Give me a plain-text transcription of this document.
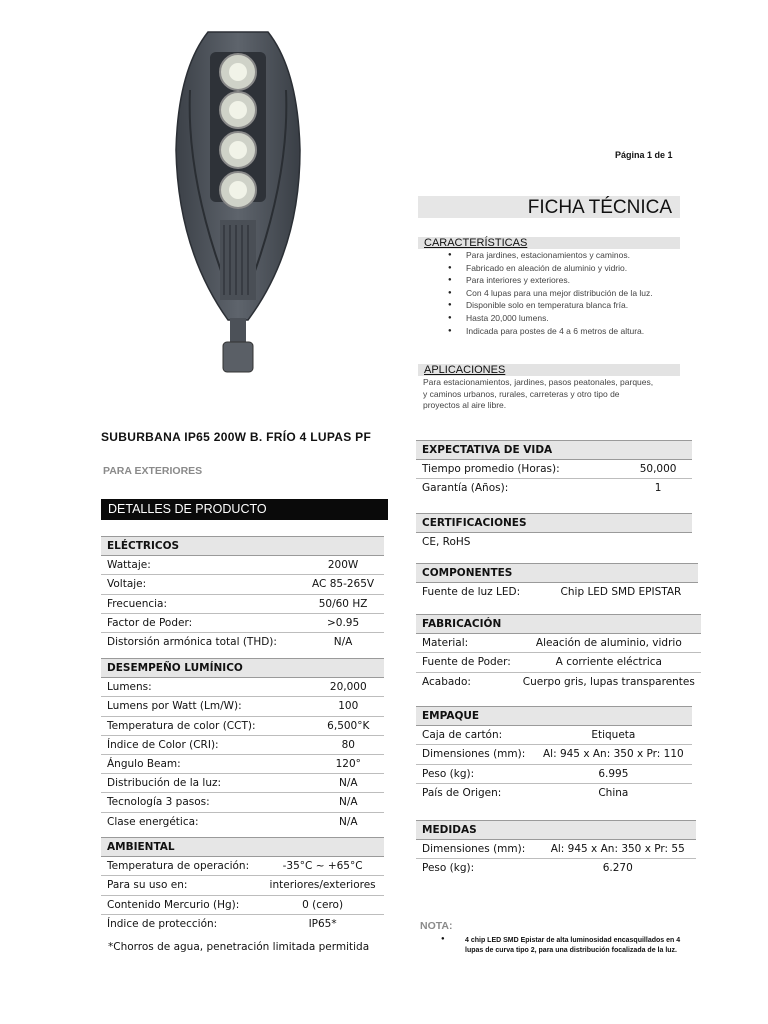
Página 1 de 1
FICHA TÉCNICA
CARACTERÍSTICAS
● Para jardines, estacionamientos y caminos.
● Fabricado en aleación de aluminio y vidrio.
● Para interiores y exteriores.
● Con 4 lupas para una mejor distribución de la luz.
● Disponible solo en temperatura blanca fría.
● Hasta 20,000 lumens.
● Indicada para postes de 4 a 6 metros de altura.
APLICACIONES
Para estacionamientos, jardines, pasos peatonales, parques,
y caminos urbanos, rurales, carreteras y otro tipo de
proyectos al aire libre.
SUBURBANA IP65 200W B. FRÍO 4 LUPAS PF
PARA EXTERIORES
DETALLES DE PRODUCTO
ELÉCTRICOS	
Wattaje:	200W
Voltaje:	AC 85-265V
Frecuencia:	50/60 HZ
Factor de Poder:	>0.95
Distorsión armónica total (THD):	N/A
DESEMPEÑO LUMÍNICO	
Lumens:	20,000
Lumens por Watt (Lm/W):	100
Temperatura de color (CCT):	6,500°K
Índice de Color (CRI):	80
Ángulo Beam:	120°
Distribución de la luz:	N/A
Tecnología 3 pasos:	N/A
Clase energética:	N/A
AMBIENTAL	
Temperatura de operación:	-35°C ~ +65°C
Para su uso en:	interiores/exteriores
Contenido Mercurio (Hg):	0 (cero)
Índice de protección:	IP65*
*Chorros de agua, penetración limitada permitida
EXPECTATIVA DE VIDA	
Tiempo promedio (Horas):	50,000
Garantía (Años):	1
CERTIFICACIONES
CE, RoHS
COMPONENTES
Fuente de luz LED:	Chip LED SMD EPISTAR
FABRICACIÓN	
Material:	Aleación de aluminio, vidrio
Fuente de Poder:	A corriente eléctrica
Acabado:	Cuerpo gris, lupas transparentes
EMPAQUE	
Caja de cartón:	Etiqueta
Dimensiones (mm):	Al: 945 x An: 350 x Pr: 110
Peso (kg):	6.995
País de Origen:	China
MEDIDAS	
Dimensiones (mm):	Al: 945 x An: 350 x Pr: 55
Peso (kg):	6.270
NOTA:
●	4 chip LED SMD Epistar de alta luminosidad encasquillados en 4
lupas de curva tipo 2, para una distribución focalizada de la luz.
